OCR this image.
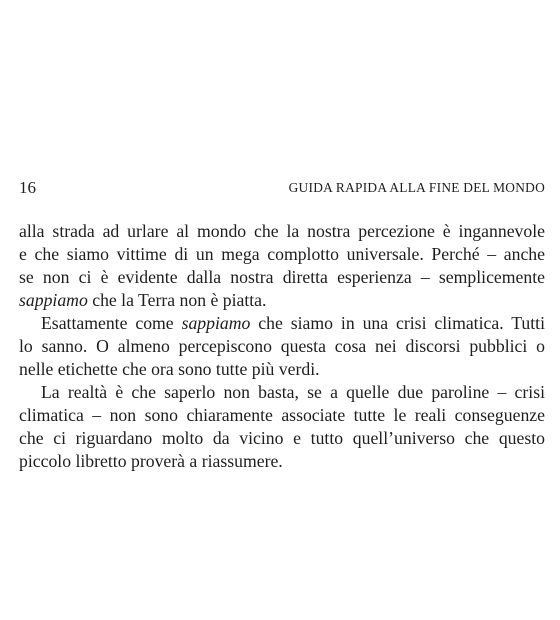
16	GUIDA RAPIDA ALLA FINE DEL MONDO
alla strada ad urlare al mondo che la nostra percezione è ingannevole
e che siamo vittime di un mega complotto universale. Perché – anche
se non ci è evidente dalla nostra diretta esperienza – semplicemente
sappiamo che la Terra non è piatta.
Esattamente come sappiamo che siamo in una crisi climatica. Tutti
lo sanno. O almeno percepiscono questa cosa nei discorsi pubblici o
nelle etichette che ora sono tutte più verdi.
La realtà è che saperlo non basta, se a quelle due paroline – crisi
climatica – non sono chiaramente associate tutte le reali conseguenze
che ci riguardano molto da vicino e tutto quell’universo che questo
piccolo libretto proverà a riassumere.
